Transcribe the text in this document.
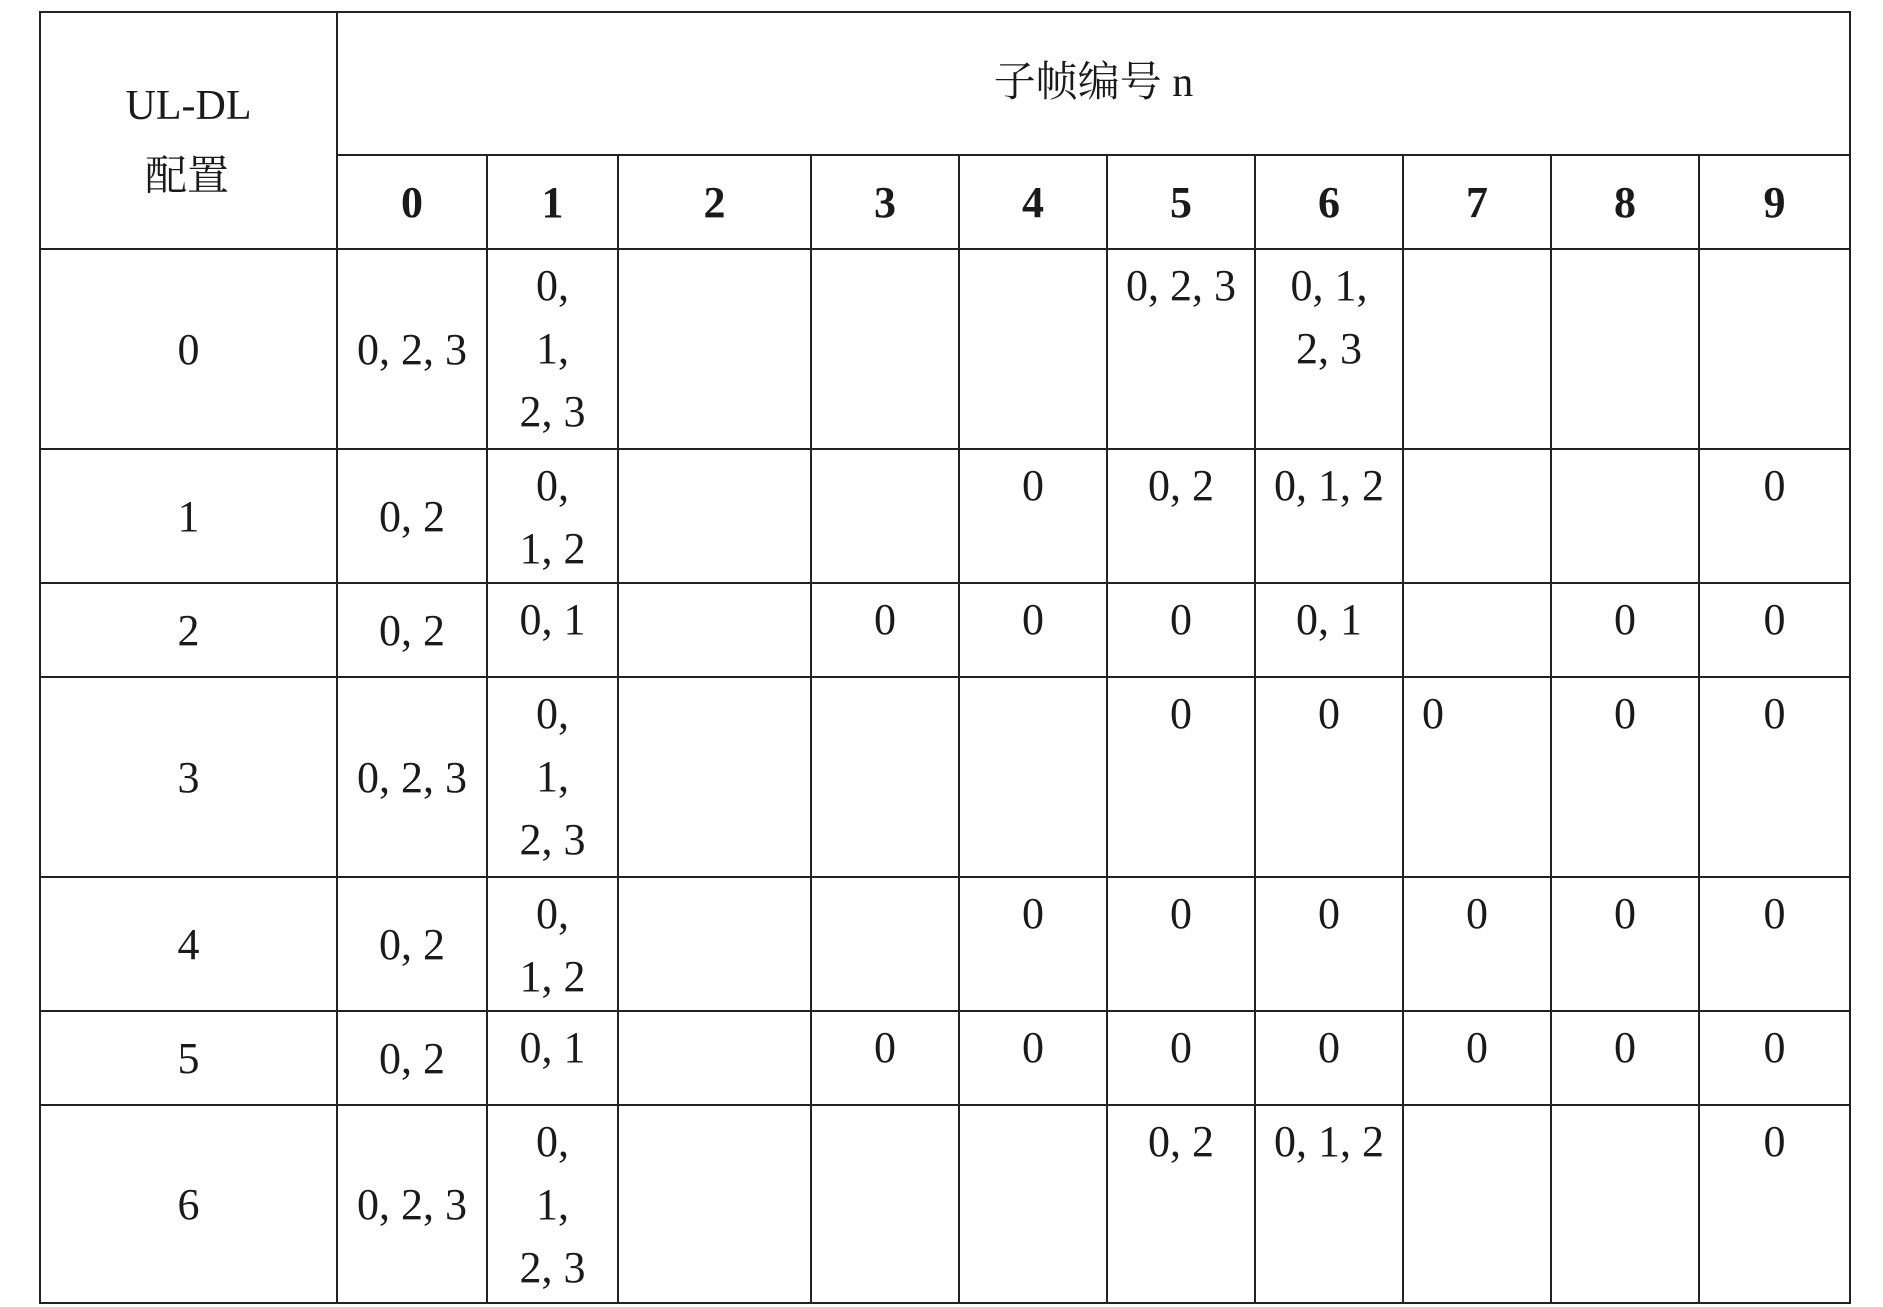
UL-DL
配置	子帧编号 n									
	0	1	2	3	4	5	6	7	8	9
0	0, 2, 3	0, 1, 2, 3				0, 2, 3	0, 1, 2, 3			
1	0, 2	0, 1, 2			0	0, 2	0, 1, 2			0
2	0, 2	0, 1		0	0	0	0, 1		0	0
3	0, 2, 3	0, 1, 2, 3				0	0	0	0	0
4	0, 2	0, 1, 2			0	0	0	0	0	0
5	0, 2	0, 1		0	0	0	0	0	0	0
6	0, 2, 3	0, 1, 2, 3				0, 2	0, 1, 2			0
